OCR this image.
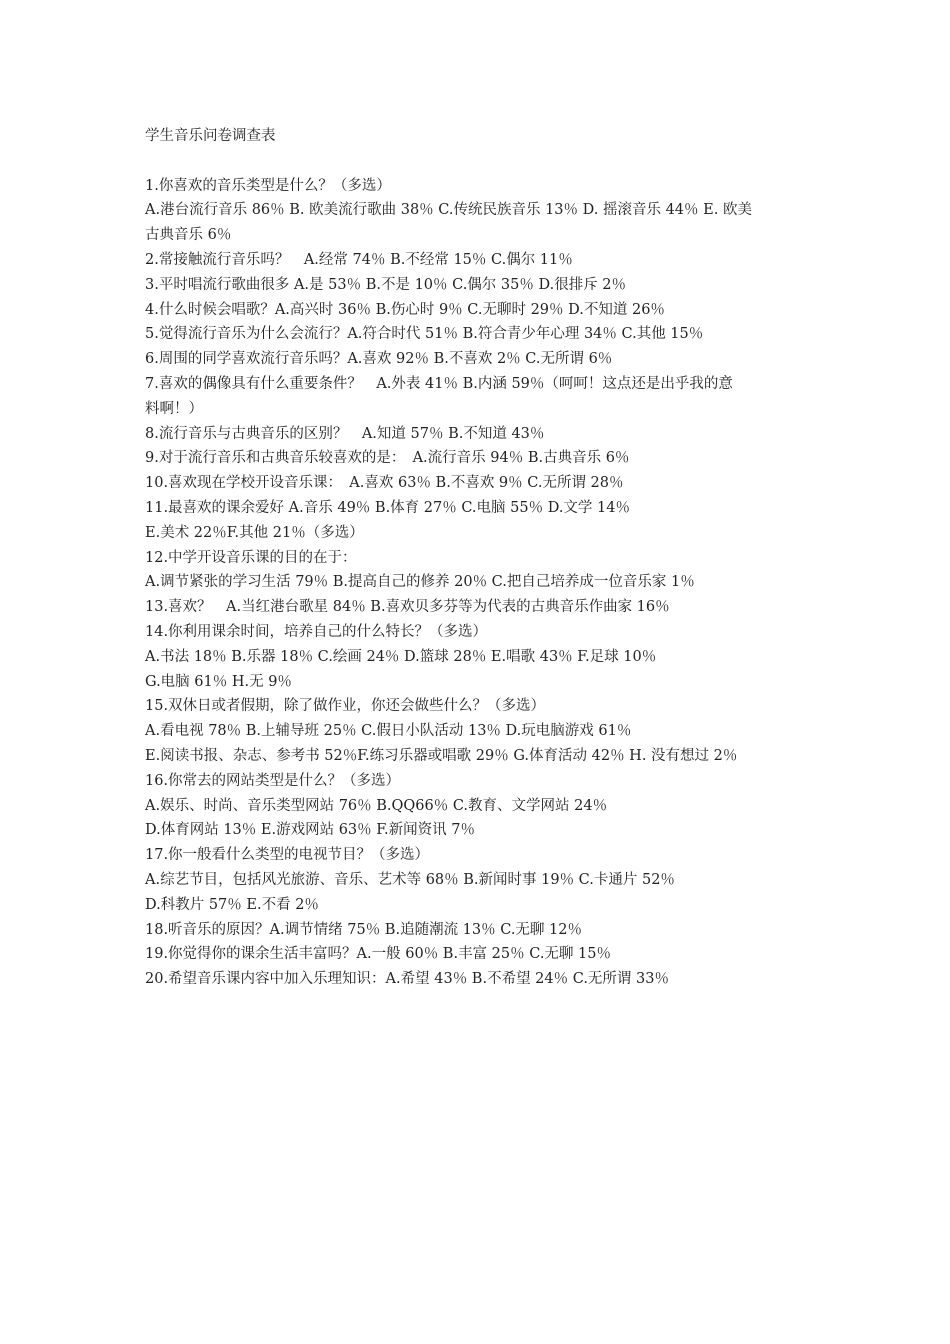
学生音乐问卷调查表
1.你喜欢的音乐类型是什么？（多选）
A.港台流行音乐 86％ B. 欧美流行歌曲 38％ C.传统民族音乐 13％ D. 摇滚音乐 44％ E. 欧美
古典音乐 6％
2.常接触流行音乐吗？　A.经常 74％ B.不经常 15％ C.偶尔 11％
3.平时唱流行歌曲很多 A.是 53％ B.不是 10％ C.偶尔 35％ D.很排斥 2％
4.什么时候会唱歌？A.高兴时 36％ B.伤心时 9％ C.无聊时 29％ D.不知道 26％
5.觉得流行音乐为什么会流行？A.符合时代 51％ B.符合青少年心理 34％ C.其他 15％
6.周围的同学喜欢流行音乐吗？A.喜欢 92％ B.不喜欢 2％ C.无所谓 6％
7.喜欢的偶像具有什么重要条件？　A.外表 41％ B.内涵 59％（呵呵！这点还是出乎我的意
料啊！）
8.流行音乐与古典音乐的区别？　A.知道 57％ B.不知道 43％
9.对于流行音乐和古典音乐较喜欢的是：　A.流行音乐 94％ B.古典音乐 6％
10.喜欢现在学校开设音乐课：　A.喜欢 63％ B.不喜欢 9％ C.无所谓 28％
11.最喜欢的课余爱好 A.音乐 49％ B.体育 27％ C.电脑 55％ D.文学 14％
E.美术 22％F.其他 21％（多选）
12.中学开设音乐课的目的在于：
A.调节紧张的学习生活 79％ B.提高自己的修养 20％ C.把自己培养成一位音乐家 1％
13.喜欢？　A.当红港台歌星 84％ B.喜欢贝多芬等为代表的古典音乐作曲家 16％
14.你利用课余时间，培养自己的什么特长？（多选）
A.书法 18％ B.乐器 18％ C.绘画 24％ D.篮球 28％ E.唱歌 43％ F.足球 10％
G.电脑 61％ H.无 9％
15.双休日或者假期，除了做作业，你还会做些什么？（多选）
A.看电视 78％ B.上辅导班 25％ C.假日小队活动 13％ D.玩电脑游戏 61％
E.阅读书报、杂志、参考书 52％F.练习乐器或唱歌 29％ G.体育活动 42％ H. 没有想过 2％
16.你常去的网站类型是什么？（多选）
A.娱乐、时尚、音乐类型网站 76％ B.QQ66％ C.教育、文学网站 24％
D.体育网站 13％ E.游戏网站 63％ F.新闻资讯 7％
17.你一般看什么类型的电视节目？（多选）
A.综艺节目，包括风光旅游、音乐、艺术等 68％ B.新闻时事 19％ C.卡通片 52％
D.科教片 57％ E.不看 2％
18.听音乐的原因？A.调节情绪 75％ B.追随潮流 13％ C.无聊 12％
19.你觉得你的课余生活丰富吗？A.一般 60％ B.丰富 25％ C.无聊 15％
20.希望音乐课内容中加入乐理知识：A.希望 43％ B.不希望 24％ C.无所谓 33％
